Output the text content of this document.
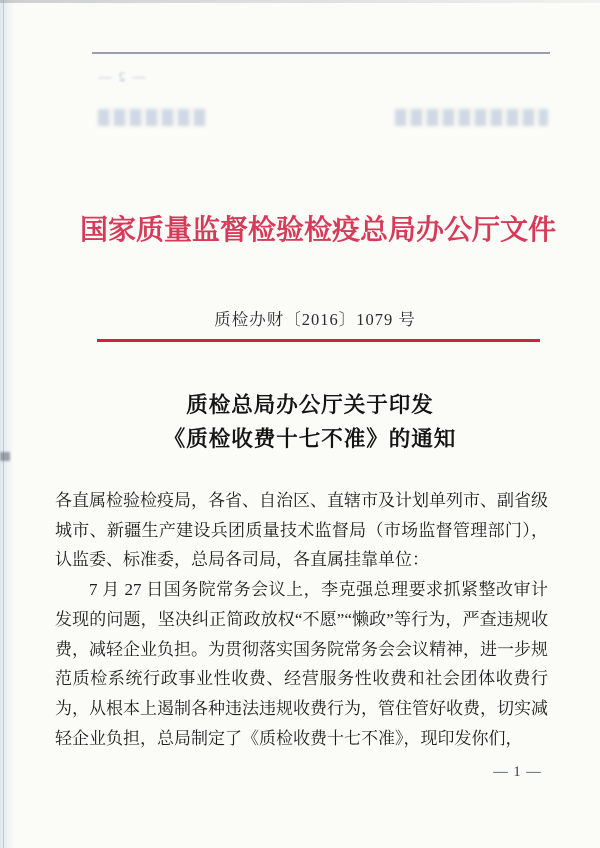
— 2 —
国家质量监督检验检疫总局办公厅文件
质检办财〔2016〕1079 号
质检总局办公厅关于印发
《质检收费十七不准》的通知

各直属检验检疫局，各省、自治区、直辖市及计划单列市、副省级城市、新疆生产建设兵团质量技术监督局（市场监督管理部门），认监委、标准委，总局各司局，各直属挂靠单位：

7 月 27 日国务院常务会议上，李克强总理要求抓紧整改审计发现的问题，坚决纠正简政放权“不愿”“懒政”等行为，严查违规收费，减轻企业负担。为贯彻落实国务院常务会会议精神，进一步规范质检系统行政事业性收费、经营服务性收费和社会团体收费行为，从根本上遏制各种违法违规收费行为，管住管好收费，切实减轻企业负担，总局制定了《质检收费十七不准》，现印发你们，

— 1 —
